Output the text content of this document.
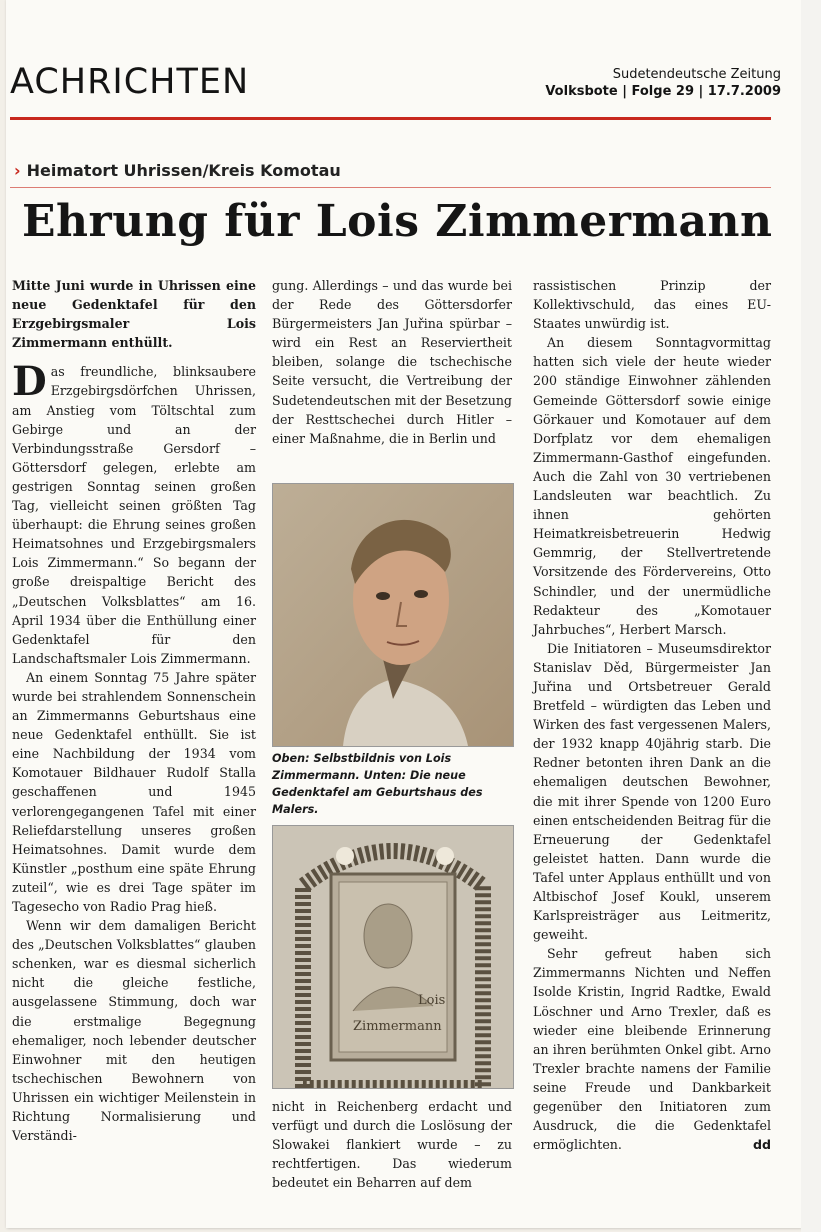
ACHRICHTEN	Sudetendeutsche Zeitung
Volksbote | Folge 29 | 17.7.2009
› Heimatort Uhrissen/Kreis Komotau
Ehrung für Lois Zimmermann

Mitte Juni wurde in Uhrissen eine neue Gedenktafel für den Erzgebirgsmaler Lois Zimmermann enthüllt.

Das freundliche, blinksaubere Erzgebirgsdörfchen Uhrissen, am Anstieg vom Töltschtal zum Gebirge und an der Verbindungsstraße Gersdorf – Göttersdorf gelegen, erlebte am gestrigen Sonntag seinen großen Tag, vielleicht seinen größten Tag überhaupt: die Ehrung seines großen Heimatsohnes und Erzgebirgsmalers Lois Zimmermann.“ So begann der große dreispaltige Bericht des „Deutschen Volksblattes“ am 16. April 1934 über die Enthüllung einer Gedenktafel für den Landschaftsmaler Lois Zimmermann.

An einem Sonntag 75 Jahre später wurde bei strahlendem Sonnenschein an Zimmermanns Geburtshaus eine neue Gedenktafel enthüllt. Sie ist eine Nachbildung der 1934 vom Komotauer Bildhauer Rudolf Stalla geschaffenen und 1945 verlorengegangenen Tafel mit einer Reliefdarstellung unseres großen Heimatsohnes. Damit wurde dem Künstler „posthum eine späte Ehrung zuteil“, wie es drei Tage später im Tagesecho von Radio Prag hieß.

Wenn wir dem damaligen Bericht des „Deutschen Volksblattes“ glauben schenken, war es diesmal sicherlich nicht die gleiche festliche, ausgelassene Stimmung, doch war die erstmalige Begegnung ehemaliger, noch lebender deutscher Einwohner mit den heutigen tschechischen Bewohnern von Uhrissen ein wichtiger Meilenstein in Richtung Normalisierung und Verständi-

gung. Allerdings – und das wurde bei der Rede des Göttersdorfer Bürgermeisters Jan Juřina spürbar – wird ein Rest an Reserviertheit bleiben, solange die tschechische Seite versucht, die Vertreibung der Sudetendeutschen mit der Besetzung der Resttschechei durch Hitler – einer Maßnahme, die in Berlin und

Oben: Selbstbildnis von Lois Zimmermann. Unten: Die neue Gedenktafel am Geburtshaus des Malers.
Lois
Zimmermann
nicht in Reichenberg erdacht und verfügt und durch die Loslösung der Slowakei flankiert wurde – zu rechtfertigen. Das wiederum bedeutet ein Beharren auf dem

rassistischen Prinzip der Kollektivschuld, das eines EU-Staates unwürdig ist.

An diesem Sonntagvormittag hatten sich viele der heute wieder 200 ständige Einwohner zählenden Gemeinde Göttersdorf sowie einige Görkauer und Komotauer auf dem Dorfplatz vor dem ehemaligen Zimmermann-Gasthof eingefunden. Auch die Zahl von 30 vertriebenen Landsleuten war beachtlich. Zu ihnen gehörten Heimatkreisbetreuerin Hedwig Gemmrig, der Stellvertretende Vorsitzende des Fördervereins, Otto Schindler, und der unermüdliche Redakteur des „Komotauer Jahrbuches“, Herbert Marsch.

Die Initiatoren – Museumsdirektor Stanislav Děd, Bürgermeister Jan Juřina und Ortsbetreuer Gerald Bretfeld – würdigten das Leben und Wirken des fast vergessenen Malers, der 1932 knapp 40jährig starb. Die Redner betonten ihren Dank an die ehemaligen deutschen Bewohner, die mit ihrer Spende von 1200 Euro einen entscheidenden Beitrag für die Erneuerung der Gedenktafel geleistet hatten. Dann wurde die Tafel unter Applaus enthüllt und von Altbischof Josef Koukl, unserem Karlspreisträger aus Leitmeritz, geweiht.

Sehr gefreut haben sich Zimmermanns Nichten und Neffen Isolde Kristin, Ingrid Radtke, Ewald Löschner und Arno Trexler, daß es wieder eine bleibende Erinnerung an ihren berühmten Onkel gibt. Arno Trexler brachte namens der Familie seine Freude und Dankbarkeit gegenüber den Initiatoren zum Ausdruck, die die Gedenktafel ermöglichten.	dd
